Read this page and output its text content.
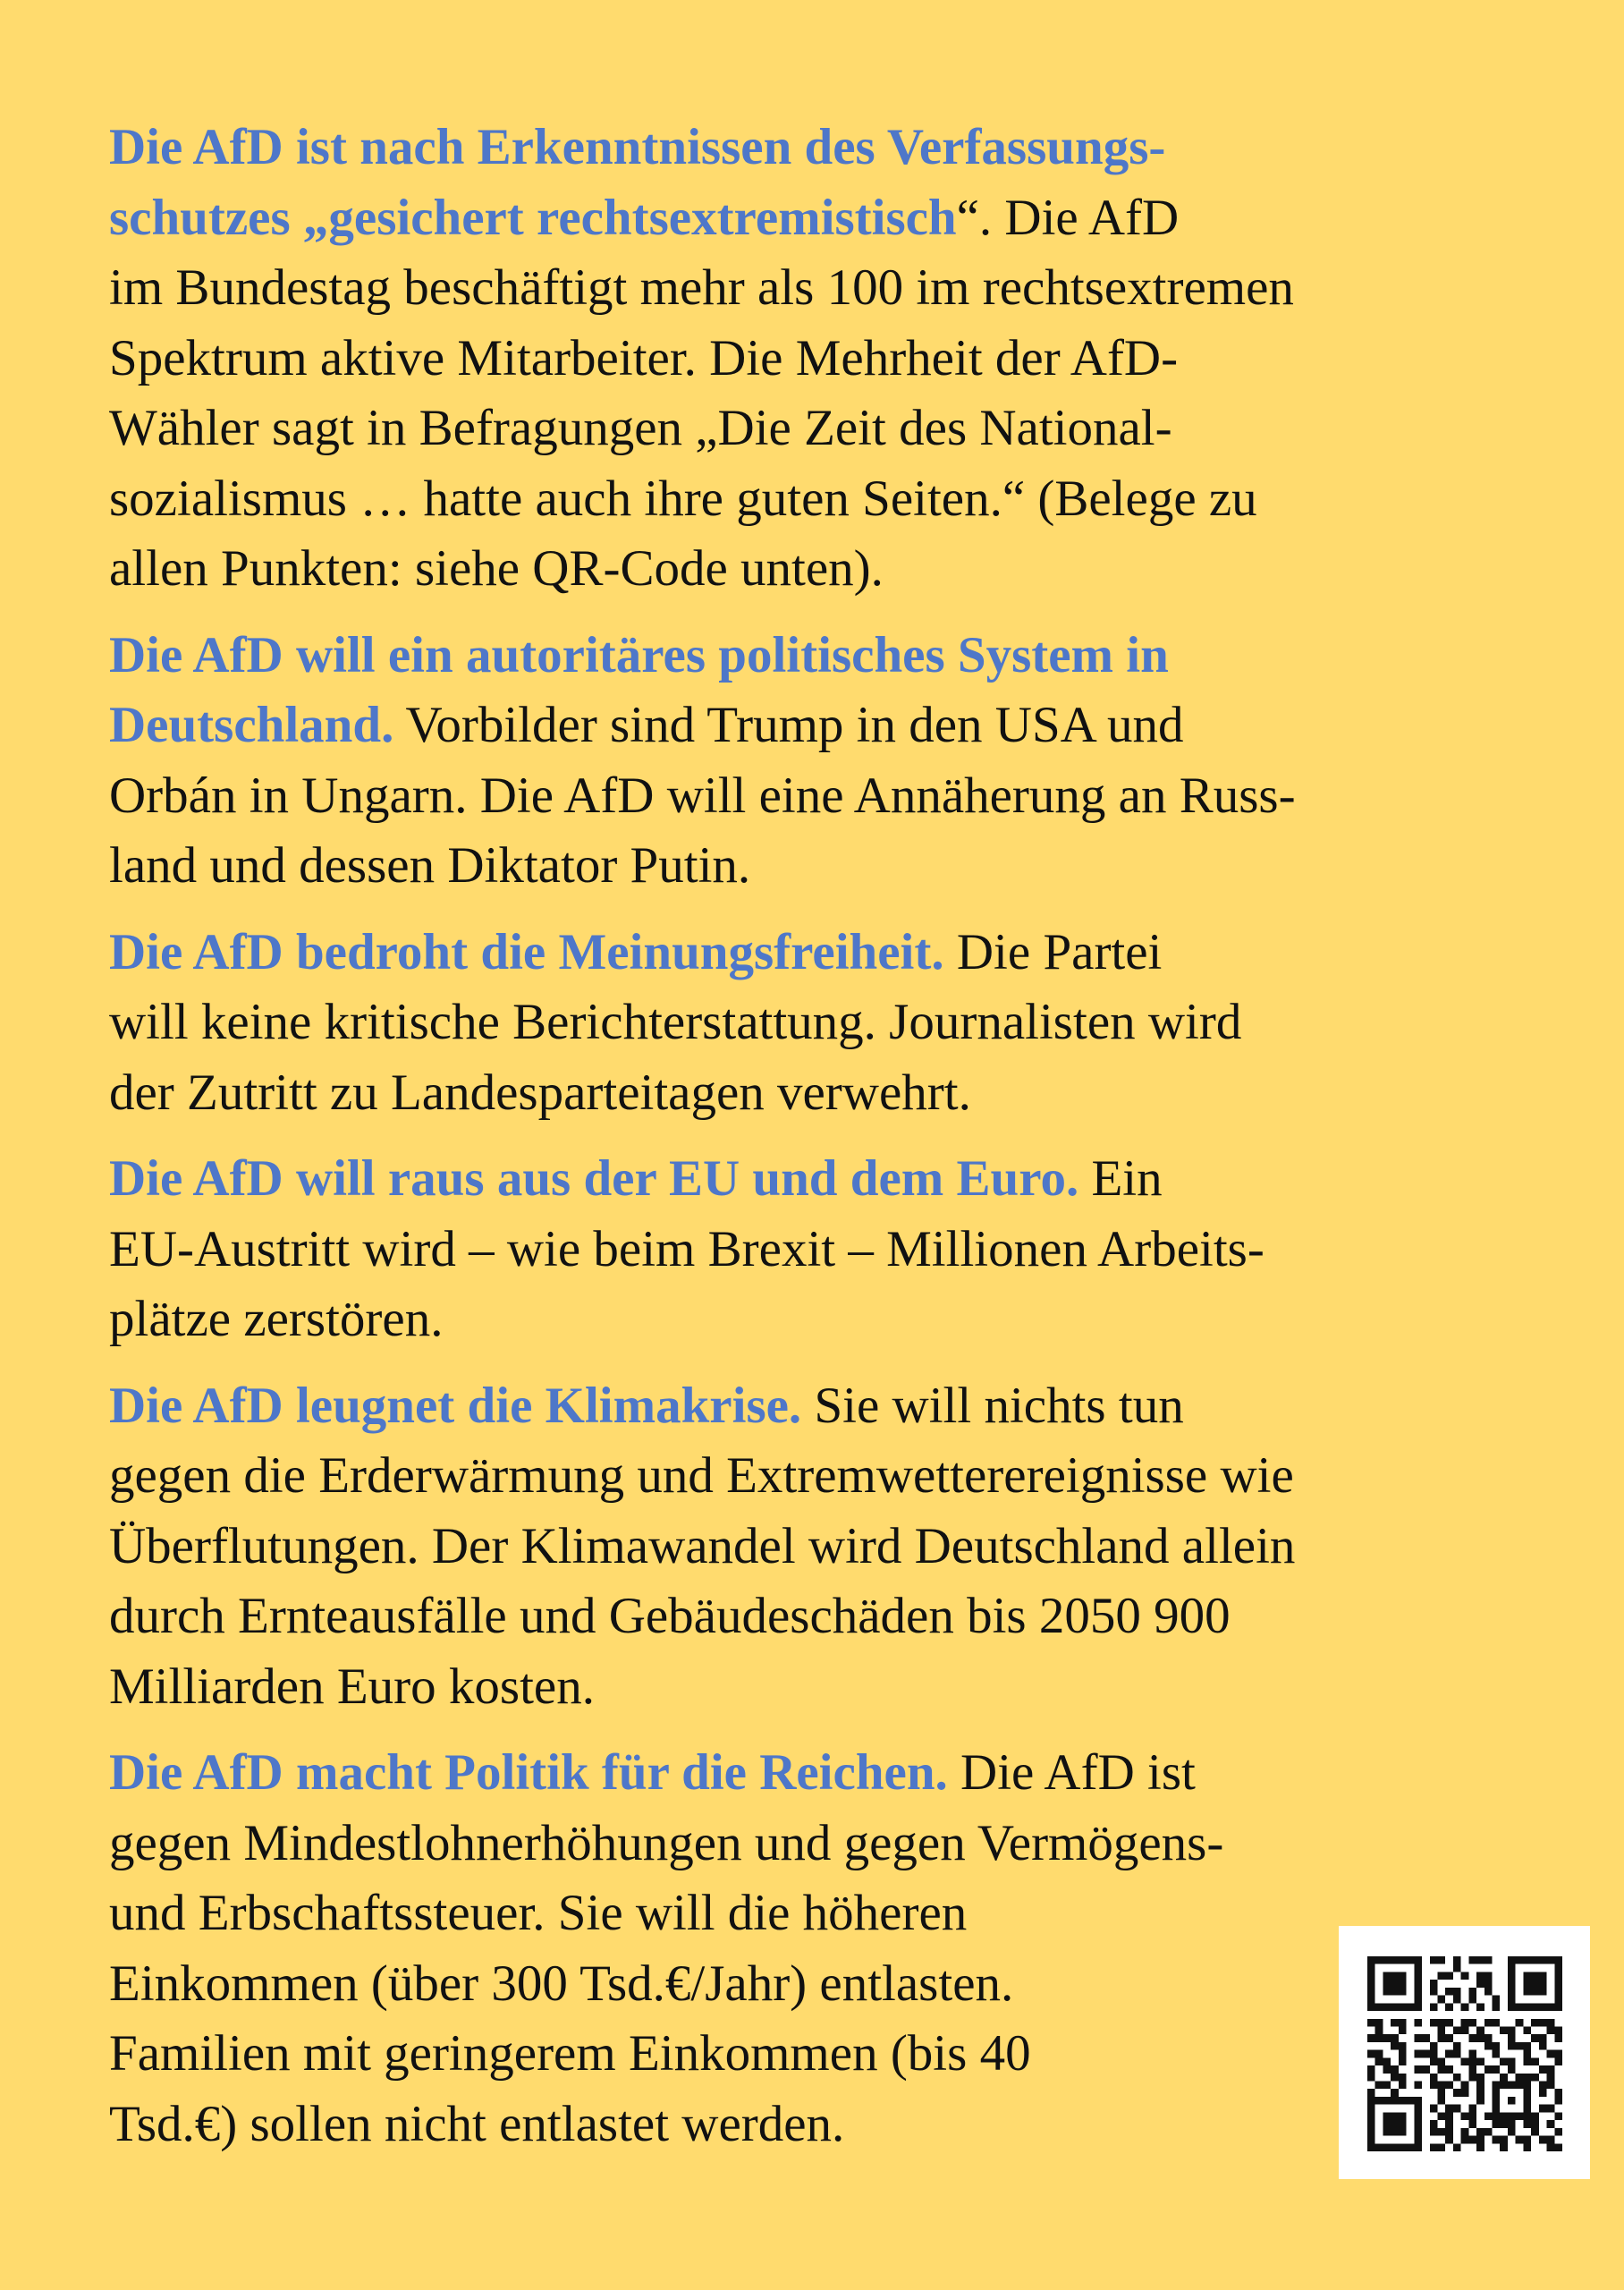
Die AfD ist nach Erkenntnissen des Verfassungs-
schutzes „gesichert rechtsextremistisch“. Die AfD
im Bundestag beschäftigt mehr als 100 im rechtsextremen
Spektrum aktive Mitarbeiter. Die Mehrheit der AfD-
Wähler sagt in Befragungen „Die Zeit des National-
sozialismus … hatte auch ihre guten Seiten.“ (Belege zu
allen Punkten: siehe QR-Code unten).
Die AfD will ein autoritäres politisches System in
Deutschland. Vorbilder sind Trump in den USA und
Orbán in Ungarn. Die AfD will eine Annäherung an Russ-
land und dessen Diktator Putin.
Die AfD bedroht die Meinungsfreiheit. Die Partei
will keine kritische Berichterstattung. Journalisten wird
der Zutritt zu Landesparteitagen verwehrt.
Die AfD will raus aus der EU und dem Euro. Ein
EU-Austritt wird – wie beim Brexit – Millionen Arbeits-
plätze zerstören.
Die AfD leugnet die Klimakrise. Sie will nichts tun
gegen die Erderwärmung und Extremwetterereignisse wie
Überflutungen. Der Klimawandel wird Deutschland allein
durch Ernteausfälle und Gebäudeschäden bis 2050 900
Milliarden Euro kosten.
Die AfD macht Politik für die Reichen. Die AfD ist
gegen Mindestlohnerhöhungen und gegen Vermögens-
und Erbschaftssteuer. Sie will die höheren
Einkommen (über 300 Tsd.€/Jahr) entlasten.
Familien mit geringerem Einkommen (bis 40
Tsd.€) sollen nicht entlastet werden.
